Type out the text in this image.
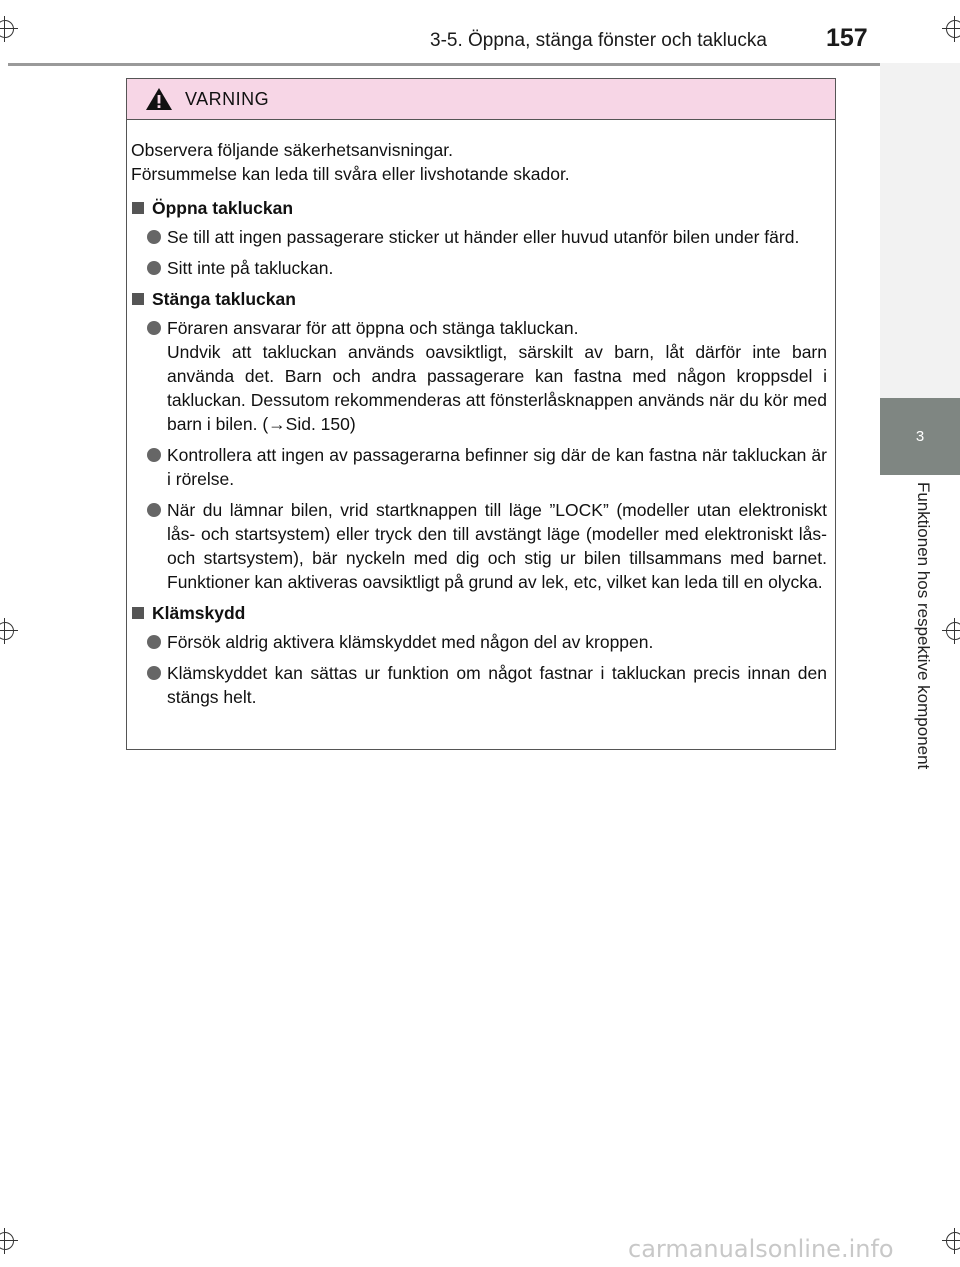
3-5. Öppna, stänga fönster och taklucka 157
3
Funktionen hos respektive komponent
VARNING
Observera följande säkerhetsanvisningar.
Försummelse kan leda till svåra eller livshotande skador.
Öppna takluckan
Se till att ingen passagerare sticker ut händer eller huvud utanför bilen under färd.
Sitt inte på takluckan.
Stänga takluckan
Föraren ansvarar för att öppna och stänga takluckan.
Undvik att takluckan används oavsiktligt, särskilt av barn, låt därför inte barn använda det. Barn och andra passagerare kan fastna med någon kroppsdel i takluckan. Dessutom rekommenderas att fönsterlåsknappen används när du kör med barn i bilen. (→Sid. 150)
Kontrollera att ingen av passagerarna befinner sig där de kan fastna när takluckan är i rörelse.
När du lämnar bilen, vrid startknappen till läge ”LOCK” (modeller utan elektroniskt lås- och startsystem) eller tryck den till avstängt läge (modeller med elektroniskt lås- och startsystem), bär nyckeln med dig och stig ur bilen tillsammans med barnet. Funktioner kan aktiveras oavsiktligt på grund av lek, etc, vilket kan leda till en olycka.
Klämskydd
Försök aldrig aktivera klämskyddet med någon del av kroppen.
Klämskyddet kan sättas ur funktion om något fastnar i takluckan precis innan den stängs helt.
carmanualsonline.info
